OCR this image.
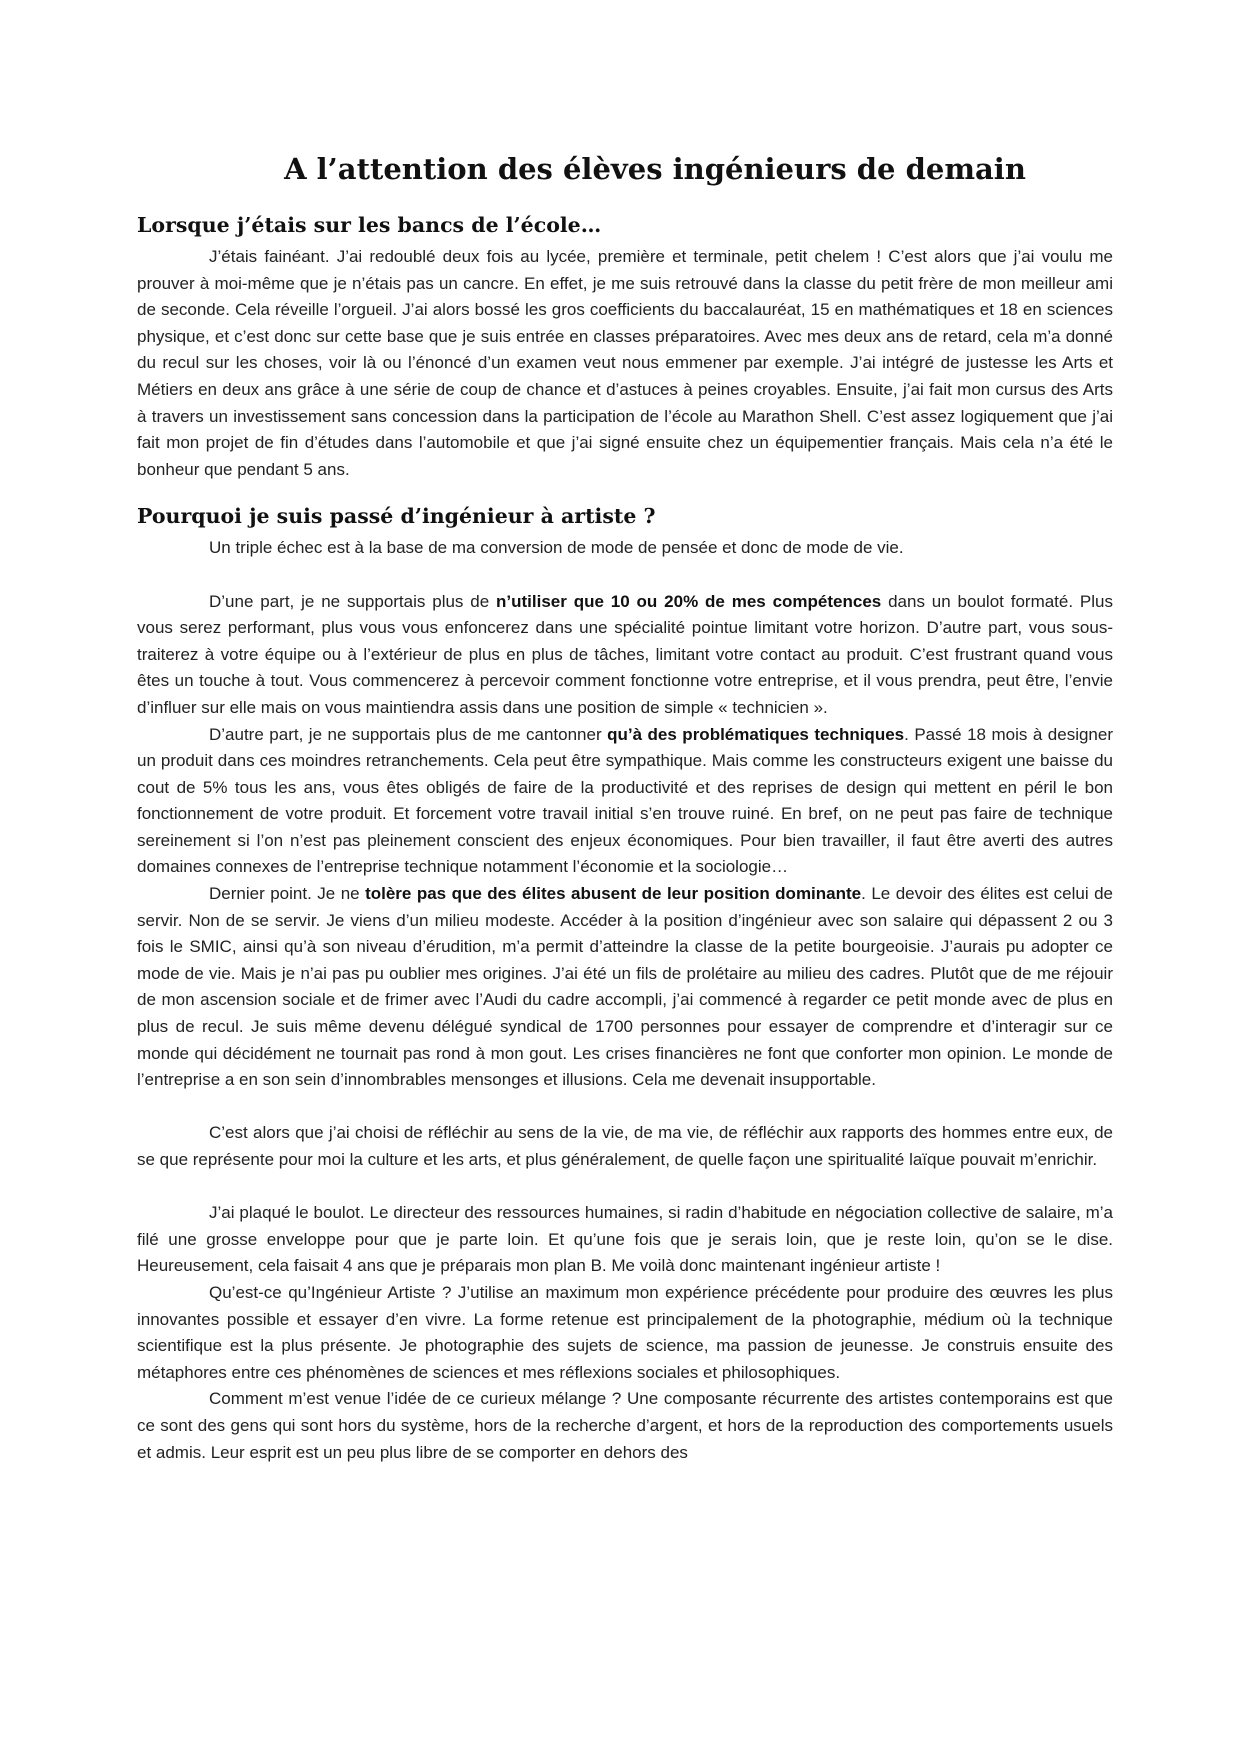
A l’attention des élèves ingénieurs de demain
Lorsque j’étais sur les bancs de l’école…

J’étais fainéant. J’ai redoublé deux fois au lycée, première et terminale, petit chelem ! C’est alors que j’ai voulu me prouver à moi-même que je n’étais pas un cancre. En effet, je me suis retrouvé dans la classe du petit frère de mon meilleur ami de seconde. Cela réveille l’orgueil. J’ai alors bossé les gros coefficients du baccalauréat, 15 en mathématiques et 18 en sciences physique, et c’est donc sur cette base que je suis entrée en classes préparatoires. Avec mes deux ans de retard, cela m’a donné du recul sur les choses, voir là ou l’énoncé d’un examen veut nous emmener par exemple. J’ai intégré de justesse les Arts et Métiers en deux ans grâce à une série de coup de chance et d’astuces à peines croyables. Ensuite, j’ai fait mon cursus des Arts à travers un investissement sans concession dans la participation de l’école au Marathon Shell. C’est assez logiquement que j’ai fait mon projet de fin d’études dans l’automobile et que j’ai signé ensuite chez un équipementier français. Mais cela n’a été le bonheur que pendant 5 ans.

Pourquoi je suis passé d’ingénieur à artiste ?

Un triple échec est à la base de ma conversion de mode de pensée et donc de mode de vie.

D’une part, je ne supportais plus de n’utiliser que 10 ou 20% de mes compétences dans un boulot formaté. Plus vous serez performant, plus vous vous enfoncerez dans une spécialité pointue limitant votre horizon. D’autre part, vous sous-traiterez à votre équipe ou à l’extérieur de plus en plus de tâches, limitant votre contact au produit. C’est frustrant quand vous êtes un touche à tout. Vous commencerez à percevoir comment fonctionne votre entreprise, et il vous prendra, peut être, l’envie d’influer sur elle mais on vous maintiendra assis dans une position de simple « technicien ».

D’autre part, je ne supportais plus de me cantonner qu’à des problématiques techniques. Passé 18 mois à designer un produit dans ces moindres retranchements. Cela peut être sympathique. Mais comme les constructeurs exigent une baisse du cout de 5% tous les ans, vous êtes obligés de faire de la productivité et des reprises de design qui mettent en péril le bon fonctionnement de votre produit. Et forcement votre travail initial s’en trouve ruiné. En bref, on ne peut pas faire de technique sereinement si l’on n’est pas pleinement conscient des enjeux économiques. Pour bien travailler, il faut être averti des autres domaines connexes de l’entreprise technique notamment l’économie et la sociologie…

Dernier point. Je ne tolère pas que des élites abusent de leur position dominante. Le devoir des élites est celui de servir. Non de se servir. Je viens d’un milieu modeste. Accéder à la position d’ingénieur avec son salaire qui dépassent 2 ou 3 fois le SMIC, ainsi qu’à son niveau d’érudition, m’a permit d’atteindre la classe de la petite bourgeoisie. J’aurais pu adopter ce mode de vie. Mais je n’ai pas pu oublier mes origines. J’ai été un fils de prolétaire au milieu des cadres. Plutôt que de me réjouir de mon ascension sociale et de frimer avec l’Audi du cadre accompli, j’ai commencé à regarder ce petit monde avec de plus en plus de recul. Je suis même devenu délégué syndical de 1700 personnes pour essayer de comprendre et d’interagir sur ce monde qui décidément ne tournait pas rond à mon gout. Les crises financières ne font que conforter mon opinion. Le monde de l’entreprise a en son sein d’innombrables mensonges et illusions. Cela me devenait insupportable.

C’est alors que j’ai choisi de réfléchir au sens de la vie, de ma vie, de réfléchir aux rapports des hommes entre eux, de se que représente pour moi la culture et les arts, et plus généralement, de quelle façon une spiritualité laïque pouvait m’enrichir.

J’ai plaqué le boulot. Le directeur des ressources humaines, si radin d’habitude en négociation collective de salaire, m’a filé une grosse enveloppe pour que je parte loin. Et qu’une fois que je serais loin, que je reste loin, qu’on se le dise. Heureusement, cela faisait 4 ans que je préparais mon plan B. Me voilà donc maintenant ingénieur artiste !

Qu’est-ce qu’Ingénieur Artiste ? J’utilise an maximum mon expérience précédente pour produire des œuvres les plus innovantes possible et essayer d’en vivre. La forme retenue est principalement de la photographie, médium où la technique scientifique est la plus présente. Je photographie des sujets de science, ma passion de jeunesse. Je construis ensuite des métaphores entre ces phénomènes de sciences et mes réflexions sociales et philosophiques.

Comment m’est venue l’idée de ce curieux mélange ? Une composante récurrente des artistes contemporains est que ce sont des gens qui sont hors du système, hors de la recherche d’argent, et hors de la reproduction des comportements usuels et admis. Leur esprit est un peu plus libre de se comporter en dehors des
